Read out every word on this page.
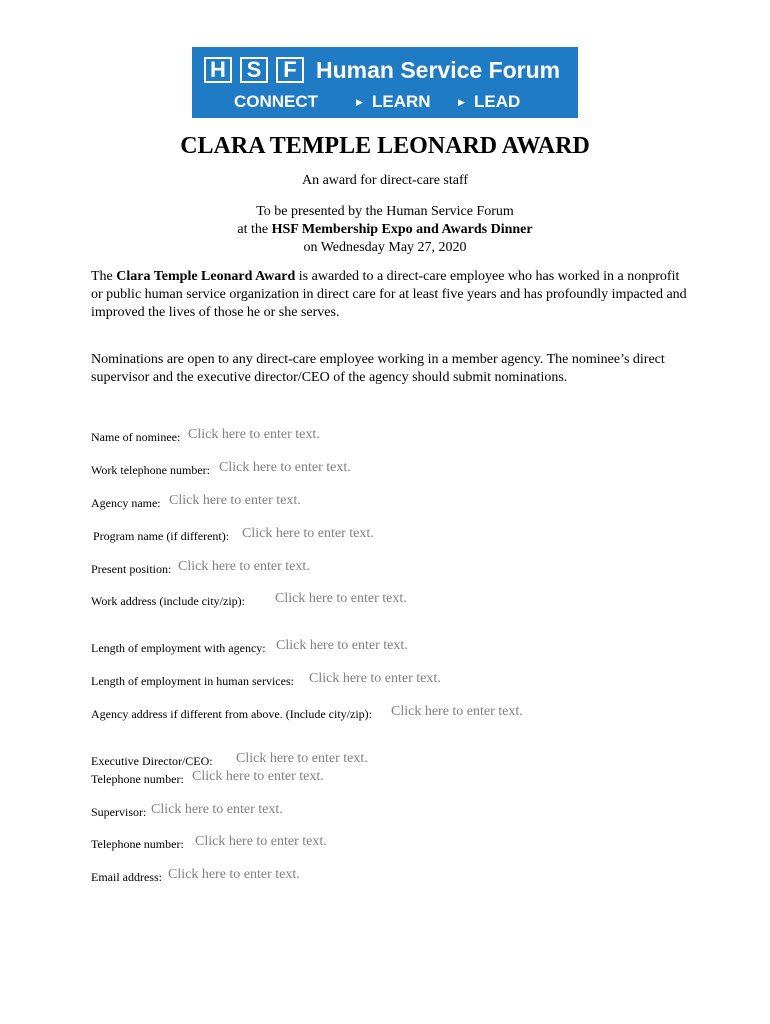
H S F Human Service Forum
CONNECT	▶ LEARN	▶ LEAD
CLARA TEMPLE LEONARD AWARD
An award for direct-care staff
To be presented by the Human Service Forum
at the HSF Membership Expo and Awards Dinner
on Wednesday May 27, 2020

The Clara Temple Leonard Award is awarded to a direct-care employee who has worked in a nonprofit or public human service organization in direct care for at least five years and has profoundly impacted and improved the lives of those he or she serves.

Nominations are open to any direct-care employee working in a member agency. The nominee’s direct supervisor and the executive director/CEO of the agency should submit nominations.

Name of nominee: Click here to enter text.
Work telephone number: Click here to enter text.
Agency name: Click here to enter text.
Program name (if different): Click here to enter text.
Present position: Click here to enter text.
Work address (include city/zip): Click here to enter text.
Length of employment with agency: Click here to enter text.
Length of employment in human services: Click here to enter text.
Agency address if different from above. (Include city/zip): Click here to enter text.
Executive Director/CEO: Click here to enter text.
Telephone number: Click here to enter text.
Supervisor: Click here to enter text.
Telephone number: Click here to enter text.
Email address: Click here to enter text.
